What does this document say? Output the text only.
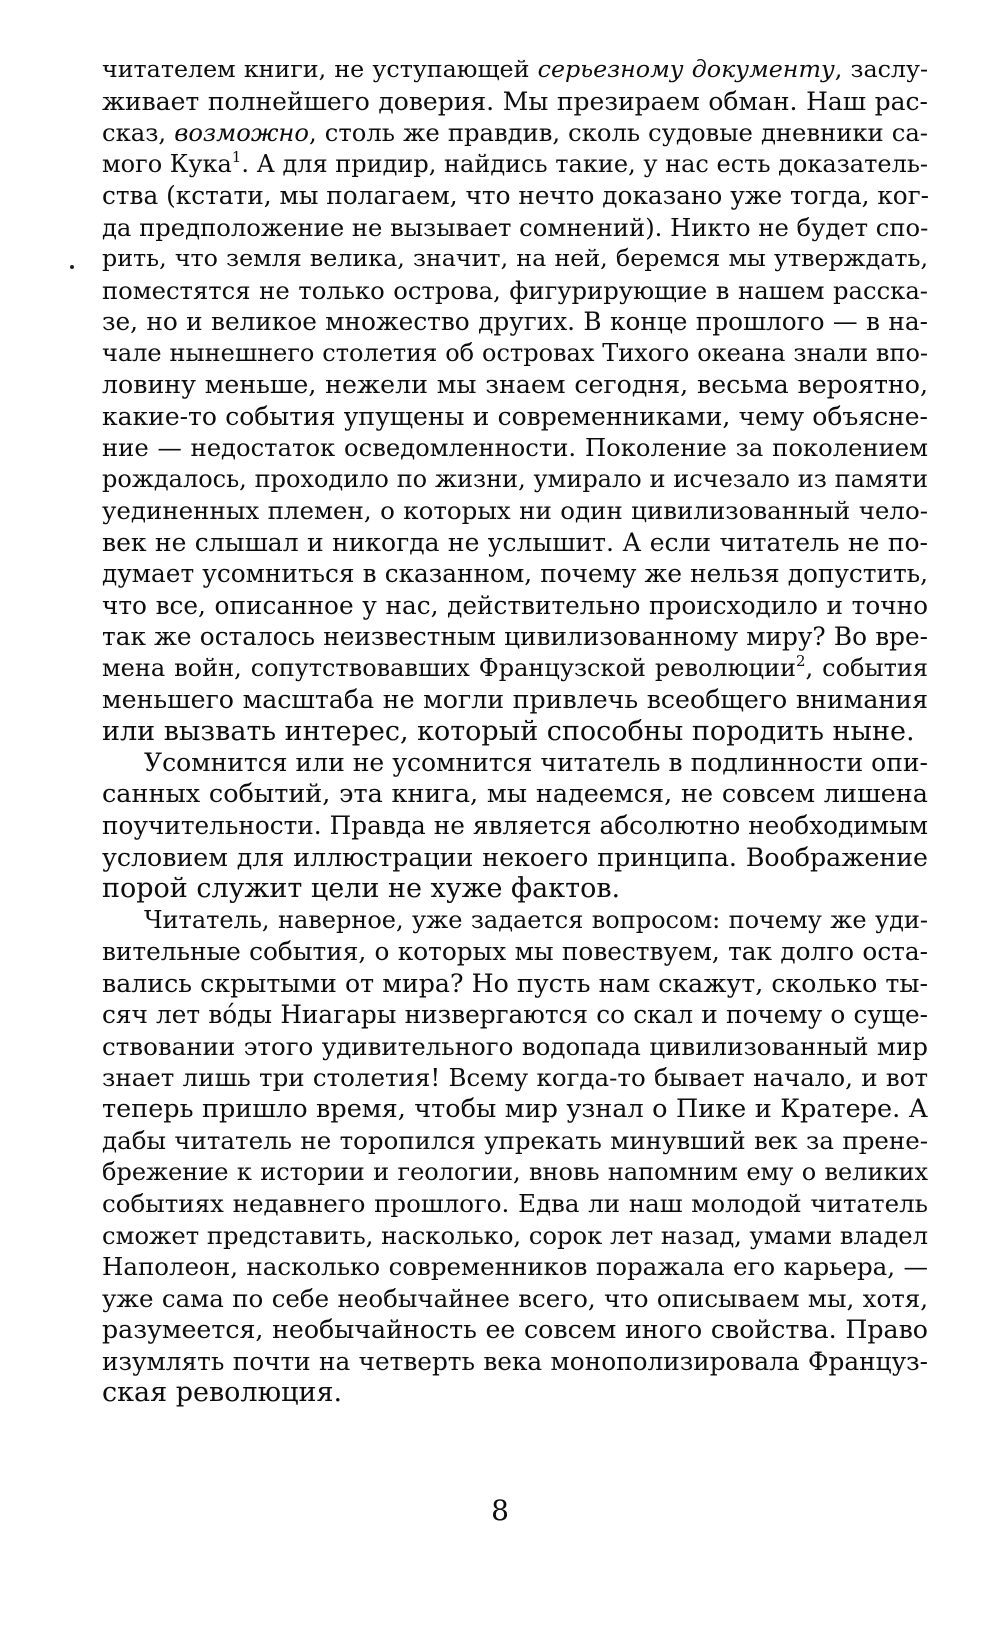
читателем книги, не уступающей серьезному документу, заслу-
живает полнейшего доверия. Мы презираем обман. Наш рас-
сказ, возможно, столь же правдив, сколь судовые дневники са-
мого Кука$^1$. А для придир, найдись такие, у нас есть доказатель-
ства (кстати, мы полагаем, что нечто доказано уже тогда, ког-
да предположение не вызывает сомнений). Никто не будет спо-
рить, что земля велика, значит, на ней, беремся мы утверждать,
поместятся не только острова, фигурирующие в нашем расска-
зе, но и великое множество других. В конце прошлого — в на-
чале нынешнего столетия об островах Тихого океана знали впо-
ловину меньше, нежели мы знаем сегодня, весьма вероятно,
какие-то события упущены и современниками, чему объясне-
ние — недостаток осведомленности. Поколение за поколением
рождалось, проходило по жизни, умирало и исчезало из памяти
уединенных племен, о которых ни один цивилизованный чело-
век не слышал и никогда не услышит. А если читатель не по-
думает усомниться в сказанном, почему же нельзя допустить,
что все, описанное у нас, действительно происходило и точно
так же осталось неизвестным цивилизованному миру? Во вре-
мена войн, сопутствовавших Французской революции$^2$, события
меньшего масштаба не могли привлечь всеобщего внимания
или вызвать интерес, который способны породить ныне.
Усомнится или не усомнится читатель в подлинности опи-
санных событий, эта книга, мы надеемся, не совсем лишена
поучительности. Правда не является абсолютно необходимым
условием для иллюстрации некоего принципа. Воображение
порой служит цели не хуже фактов.
Читатель, наверное, уже задается вопросом: почему же уди-
вительные события, о которых мы повествуем, так долго оста-
вались скрытыми от мира? Но пусть нам скажут, сколько ты-
сяч лет во́ды Ниагары низвергаются со скал и почему о суще-
ствовании этого удивительного водопада цивилизованный мир
знает лишь три столетия! Всему когда-то бывает начало, и вот
теперь пришло время, чтобы мир узнал о Пике и Кратере. А
дабы читатель не торопился упрекать минувший век за прене-
брежение к истории и геологии, вновь напомним ему о великих
событиях недавнего прошлого. Едва ли наш молодой читатель
сможет представить, насколько, сорок лет назад, умами владел
Наполеон, насколько современников поражала его карьера, —
уже сама по себе необычайнее всего, что описываем мы, хотя,
разумеется, необычайность ее совсем иного свойства. Право
изумлять почти на четверть века монополизировала Француз-
ская революция.
8
